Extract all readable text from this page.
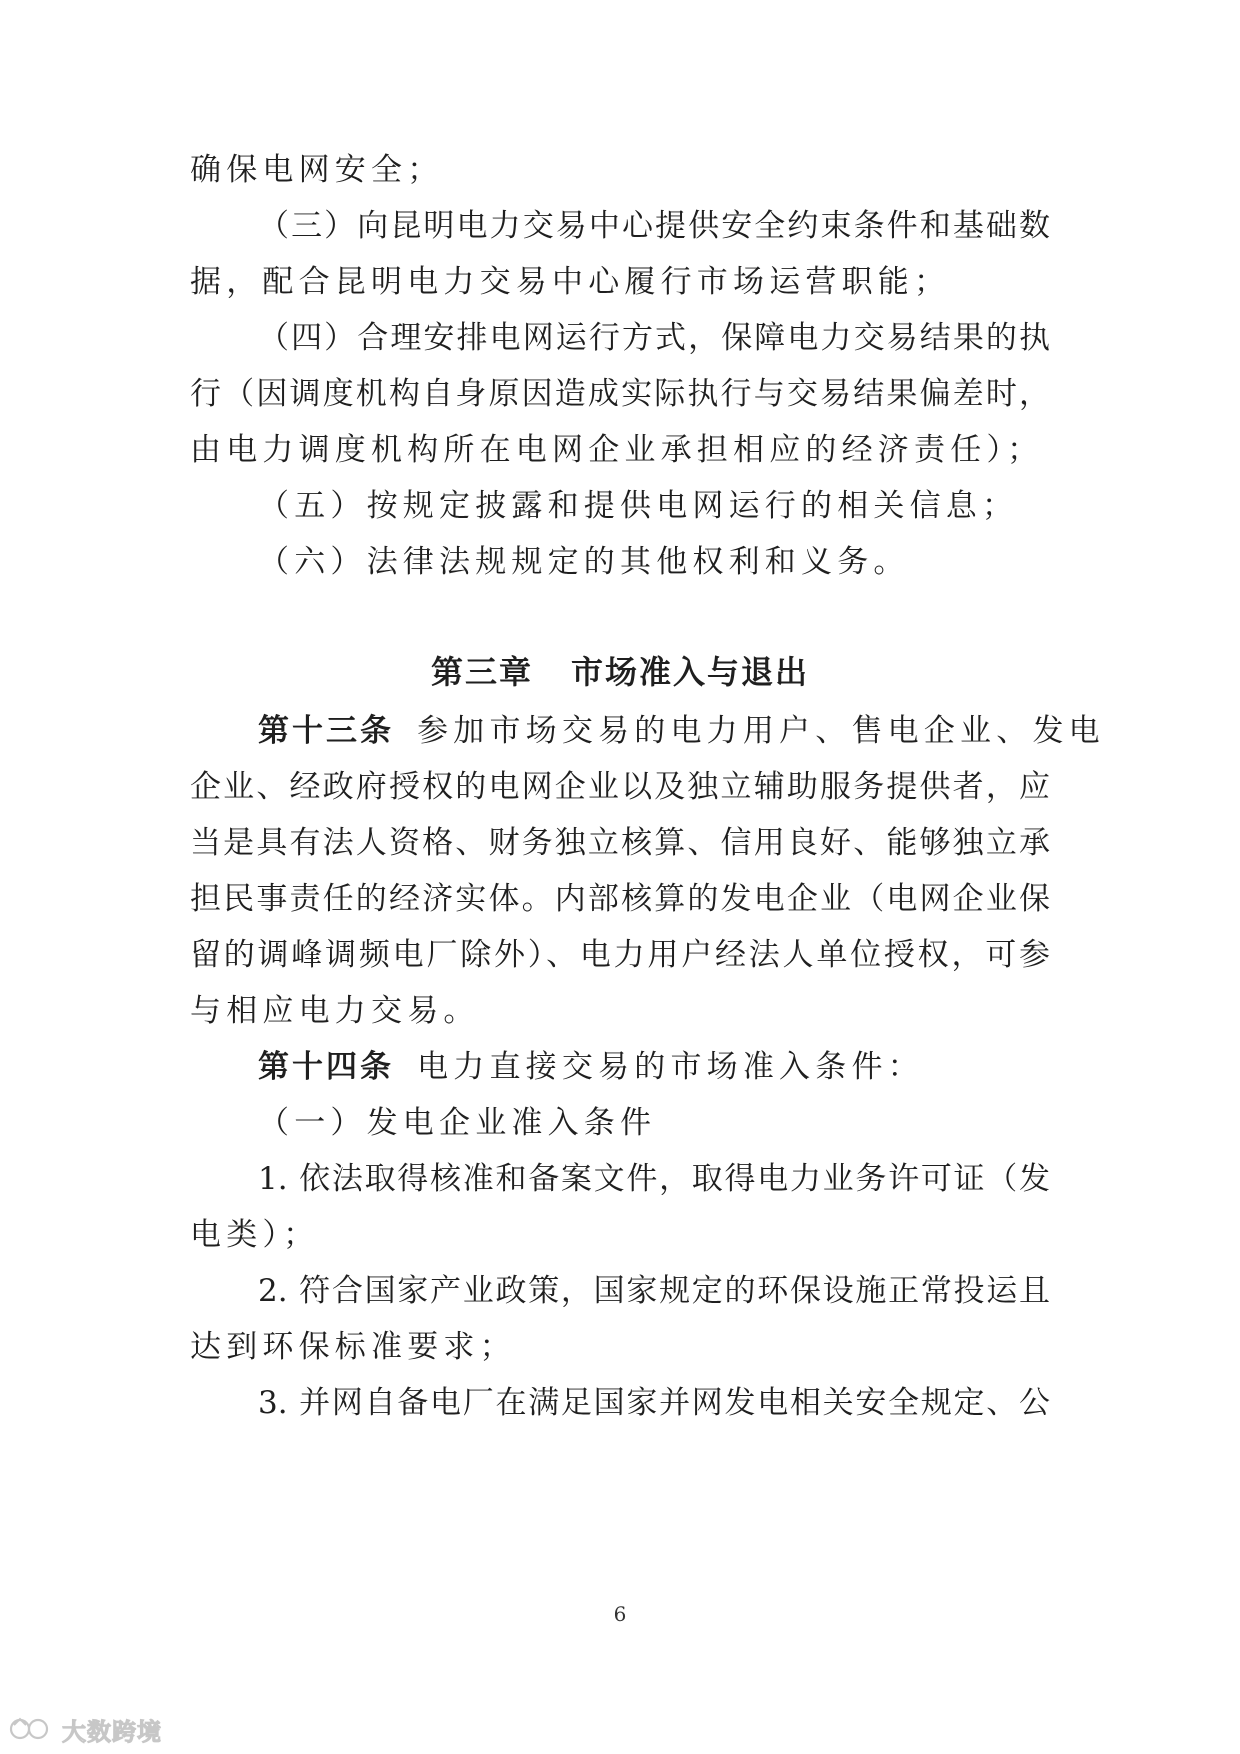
确保电网安全；
（三）向昆明电力交易中心提供安全约束条件和基础数
据，配合昆明电力交易中心履行市场运营职能；
（四）合理安排电网运行方式，保障电力交易结果的执
行（因调度机构自身原因造成实际执行与交易结果偏差时，
由电力调度机构所在电网企业承担相应的经济责任）；
（五）按规定披露和提供电网运行的相关信息；
（六）法律法规规定的其他权利和义务。
第三章 市场准入与退出
第十三条 参加市场交易的电力用户、售电企业、发电
企业、经政府授权的电网企业以及独立辅助服务提供者，应
当是具有法人资格、财务独立核算、信用良好、能够独立承
担民事责任的经济实体。内部核算的发电企业（电网企业保
留的调峰调频电厂除外）、电力用户经法人单位授权，可参
与相应电力交易。
第十四条 电力直接交易的市场准入条件：
（一）发电企业准入条件
1. 依法取得核准和备案文件，取得电力业务许可证（发
电类）；
2. 符合国家产业政策，国家规定的环保设施正常投运且
达到环保标准要求；
3. 并网自备电厂在满足国家并网发电相关安全规定、公
6
大数跨境
